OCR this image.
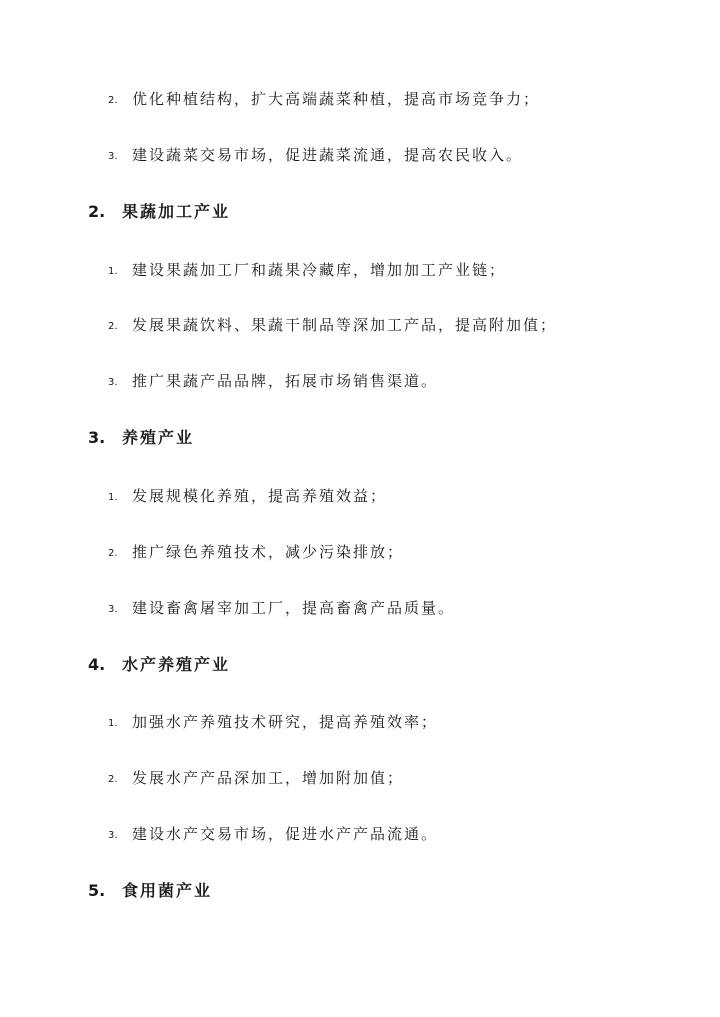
2. 优化种植结构，扩大高端蔬菜种植，提高市场竞争力；
3. 建设蔬菜交易市场，促进蔬菜流通，提高农民收入。
2. 果蔬加工产业
1. 建设果蔬加工厂和蔬果冷藏库，增加加工产业链；
2. 发展果蔬饮料、果蔬干制品等深加工产品，提高附加值；
3. 推广果蔬产品品牌，拓展市场销售渠道。
3. 养殖产业
1. 发展规模化养殖，提高养殖效益；
2. 推广绿色养殖技术，减少污染排放；
3. 建设畜禽屠宰加工厂，提高畜禽产品质量。
4. 水产养殖产业
1. 加强水产养殖技术研究，提高养殖效率；
2. 发展水产产品深加工，增加附加值；
3. 建设水产交易市场，促进水产产品流通。
5. 食用菌产业
